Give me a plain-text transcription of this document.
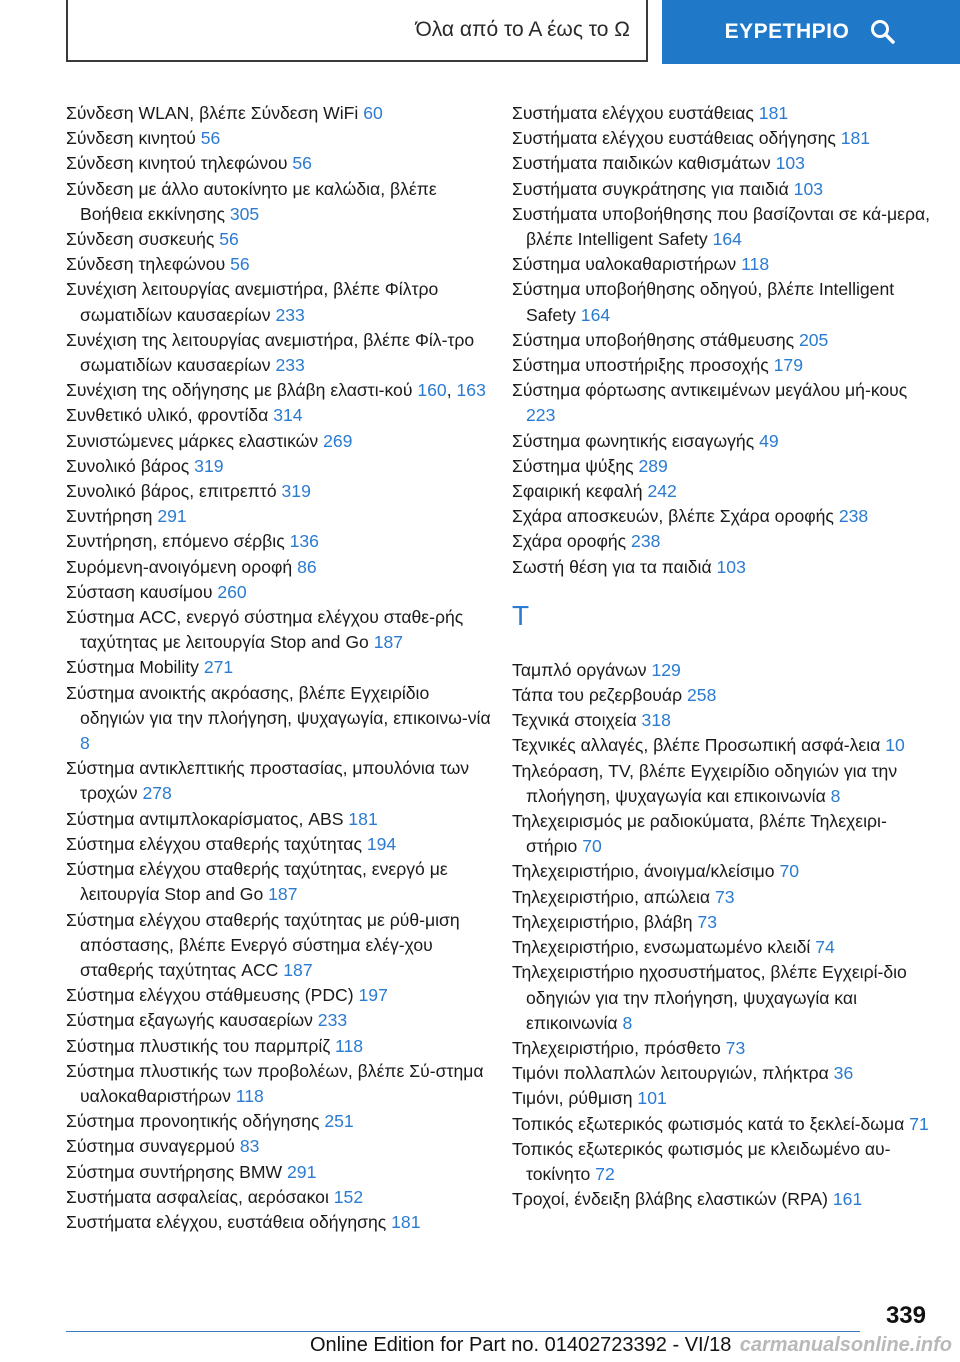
Όλα από το Α έως το Ω	ΕΥΡΕΤΗΡΙΟ
Σύνδεση WLAN, βλέπε Σύνδεση WiFi 60
Σύνδεση κινητού 56
Σύνδεση κινητού τηλεφώνου 56
Σύνδεση με άλλο αυτοκίνητο με καλώδια, βλέπε Βοήθεια εκκίνησης 305
Σύνδεση συσκευής 56
Σύνδεση τηλεφώνου 56
Συνέχιση λειτουργίας ανεμιστήρα, βλέπε Φίλτρο σωματιδίων καυσαερίων 233
Συνέχιση της λειτουργίας ανεμιστήρα, βλέπε Φίλ-τρο σωματιδίων καυσαερίων 233
Συνέχιση της οδήγησης με βλάβη ελαστι-κού 160, 163
Συνθετικό υλικό, φροντίδα 314
Συνιστώμενες μάρκες ελαστικών 269
Συνολικό βάρος 319
Συνολικό βάρος, επιτρεπτό 319
Συντήρηση 291
Συντήρηση, επόμενο σέρβις 136
Συρόμενη-ανοιγόμενη οροφή 86
Σύσταση καυσίμου 260
Σύστημα ACC, ενεργό σύστημα ελέγχου σταθε-ρής ταχύτητας με λειτουργία Stop and Go 187
Σύστημα Mobility 271
Σύστημα ανοικτής ακρόασης, βλέπε Εγχειρίδιο οδηγιών για την πλοήγηση, ψυχαγωγία, επικοινω-νία 8
Σύστημα αντικλεπτικής προστασίας, μπουλόνια των τροχών 278
Σύστημα αντιμπλοκαρίσματος, ABS 181
Σύστημα ελέγχου σταθερής ταχύτητας 194
Σύστημα ελέγχου σταθερής ταχύτητας, ενεργό με λειτουργία Stop and Go 187
Σύστημα ελέγχου σταθερής ταχύτητας με ρύθ-μιση απόστασης, βλέπε Ενεργό σύστημα ελέγ-χου σταθερής ταχύτητας ACC 187
Σύστημα ελέγχου στάθμευσης (PDC) 197
Σύστημα εξαγωγής καυσαερίων 233
Σύστημα πλυστικής του παρμπρίζ 118
Σύστημα πλυστικής των προβολέων, βλέπε Σύ-στημα υαλοκαθαριστήρων 118
Σύστημα προνοητικής οδήγησης 251
Σύστημα συναγερμού 83
Σύστημα συντήρησης BMW 291
Συστήματα ασφαλείας, αερόσακοι 152
Συστήματα ελέγχου, ευστάθεια οδήγησης 181
Συστήματα ελέγχου ευστάθειας 181
Συστήματα ελέγχου ευστάθειας οδήγησης 181
Συστήματα παιδικών καθισμάτων 103
Συστήματα συγκράτησης για παιδιά 103
Συστήματα υποβοήθησης που βασίζονται σε κά-μερα, βλέπε Intelligent Safety 164
Σύστημα υαλοκαθαριστήρων 118
Σύστημα υποβοήθησης οδηγού, βλέπε Intelligent Safety 164
Σύστημα υποβοήθησης στάθμευσης 205
Σύστημα υποστήριξης προσοχής 179
Σύστημα φόρτωσης αντικειμένων μεγάλου μή-κους 223
Σύστημα φωνητικής εισαγωγής 49
Σύστημα ψύξης 289
Σφαιρική κεφαλή 242
Σχάρα αποσκευών, βλέπε Σχάρα οροφής 238
Σχάρα οροφής 238
Σωστή θέση για τα παιδιά 103
T
Ταμπλό οργάνων 129
Τάπα του ρεζερβουάρ 258
Τεχνικά στοιχεία 318
Τεχνικές αλλαγές, βλέπε Προσωπική ασφά-λεια 10
Τηλεόραση, TV, βλέπε Εγχειρίδιο οδηγιών για την πλοήγηση, ψυχαγωγία και επικοινωνία 8
Τηλεχειρισμός με ραδιοκύματα, βλέπε Τηλεχειρι-στήριο 70
Τηλεχειριστήριο, άνοιγμα/κλείσιμο 70
Τηλεχειριστήριο, απώλεια 73
Τηλεχειριστήριο, βλάβη 73
Τηλεχειριστήριο, ενσωματωμένο κλειδί 74
Τηλεχειριστήριο ηχοσυστήματος, βλέπε Εγχειρί-διο οδηγιών για την πλοήγηση, ψυχαγωγία και επικοινωνία 8
Τηλεχειριστήριο, πρόσθετο 73
Τιμόνι πολλαπλών λειτουργιών, πλήκτρα 36
Τιμόνι, ρύθμιση 101
Τοπικός εξωτερικός φωτισμός κατά το ξεκλεί-δωμα 71
Τοπικός εξωτερικός φωτισμός με κλειδωμένο αυ-τοκίνητο 72
Τροχοί, ένδειξη βλάβης ελαστικών (RPA) 161
339
Online Edition for Part no. 01402723392 - VI/18 carmanualsonline.info
